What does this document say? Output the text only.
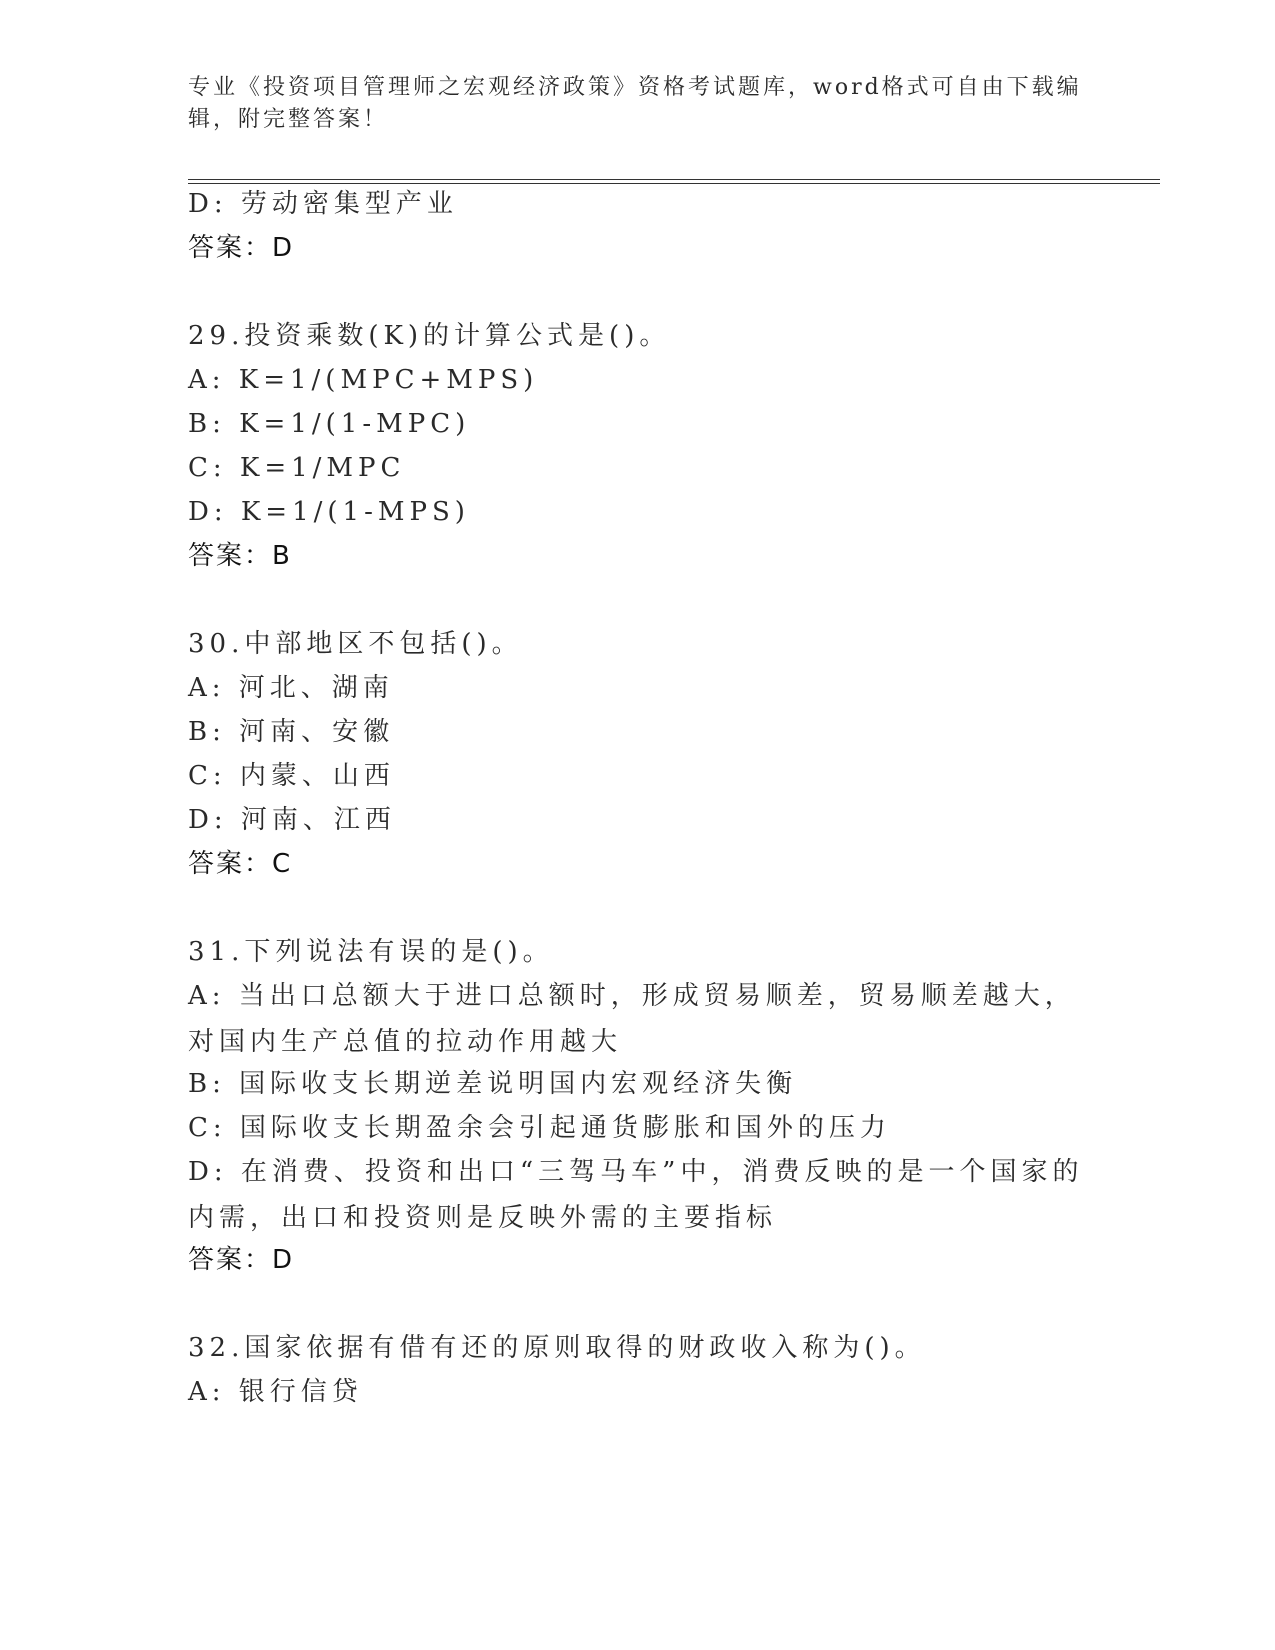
专业《投资项目管理师之宏观经济政策》资格考试题库，word格式可自由下载编辑，附完整答案！
D: 劳动密集型产业
答案：D
29.投资乘数(K)的计算公式是()。
A: K=1/(MPC+MPS)
B: K=1/(1-MPC)
C: K=1/MPC
D: K=1/(1-MPS)
答案：B
30.中部地区不包括()。
A: 河北、湖南
B: 河南、安徽
C: 内蒙、山西
D: 河南、江西
答案：C
31.下列说法有误的是()。
A: 当出口总额大于进口总额时，形成贸易顺差，贸易顺差越大，对国内生产总值的拉动作用越大
B: 国际收支长期逆差说明国内宏观经济失衡
C: 国际收支长期盈余会引起通货膨胀和国外的压力
D: 在消费、投资和出口“三驾马车”中，消费反映的是一个国家的内需，出口和投资则是反映外需的主要指标
答案：D
32.国家依据有借有还的原则取得的财政收入称为()。
A: 银行信贷
